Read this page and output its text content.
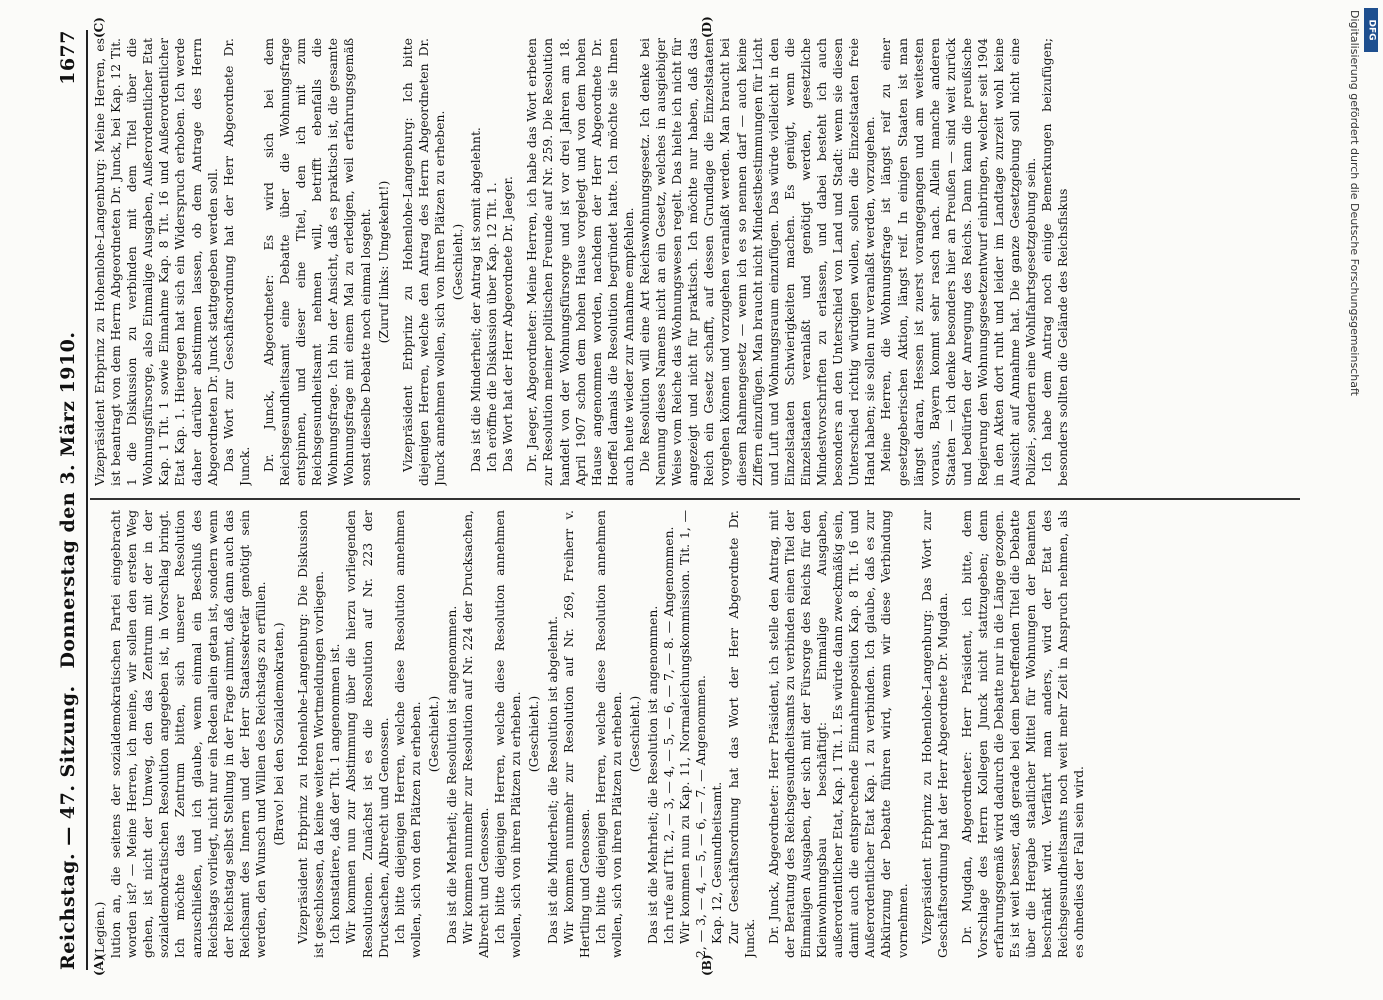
Digitalisierung gefördert durch die Deutsche Forschungsgemeinschaft DFG
Reichstag. — 47. Sitzung.
Donnerstag den 3. März 1910.
1677
(A)	(B)
(C)	(D)

(Legien.) lution an, die seitens der sozialdemokratischen Partei eingebracht worden ist? — Meine Herren, ich meine, wir sollen den ersten Weg gehen, ist nicht der Umweg, den das Zentrum mit der in der sozialdemokratischen Resolution angegeben ist, in Vorschlag bringt. Ich möchte das Zentrum bitten, sich unserer Resolution anzuschließen, und ich glaube, wenn einmal ein Beschluß des Reichstags vorliegt, nicht nur ein Reden allein getan ist, sondern wenn der Reichstag selbst Stellung in der Frage nimmt, daß dann auch das Reichsamt des Innern und der Herr Staatssekretär genötigt sein werden, den Wunsch und Willen des Reichstags zu erfüllen. (Bravo! bei den Sozialdemokraten.) Vizepräsident Erbprinz zu Hohenlohe-Langenburg: Die Diskussion ist geschlossen, da keine weiteren Wortmeldungen vorliegen. Ich konstatiere, daß der Tit. 1 angenommen ist. Wir kommen nun zur Abstimmung über die hierzu vorliegenden Resolutionen. Zunächst ist es die Resolution auf Nr. 223 der Drucksachen, Albrecht und Genossen. Ich bitte diejenigen Herren, welche diese Resolution annehmen wollen, sich von den Plätzen zu erheben. (Geschieht.) Das ist die Mehrheit; die Resolution ist angenommen. Wir kommen nunmehr zur Resolution auf Nr. 224 der Drucksachen, Albrecht und Genossen. Ich bitte diejenigen Herren, welche diese Resolution annehmen wollen, sich von ihren Plätzen zu erheben. (Geschieht.) Das ist die Minderheit; die Resolution ist abgelehnt. Wir kommen nunmehr zur Resolution auf Nr. 269, Freiherr v. Hertling und Genossen. Ich bitte diejenigen Herren, welche diese Resolution annehmen wollen, sich von ihren Plätzen zu erheben. (Geschieht.) Das ist die Mehrheit; die Resolution ist angenommen. Ich rufe auf Tit. 2, — 3, — 4, — 5, — 6, — 7, — 8. — Angenommen. Wir kommen nun zu Kap. 11, Normaleichungskommission. Tit. 1, — 2, — 3, — 4, — 5, — 6, — 7. — Angenommen. Kap. 12, Gesundheitsamt. Zur Geschäftsordnung hat das Wort der Herr Abgeordnete Dr. Junck. Dr. Junck, Abgeordneter: Herr Präsident, ich stelle den Antrag, mit der Beratung des Reichsgesundheitsamts zu verbinden einen Titel der Einmaligen Ausgaben, der sich mit der Fürsorge des Reichs für den Kleinwohnungsbau beschäftigt: Einmalige Ausgaben, außerordentlicher Etat, Kap. 1 Tit. 1. Es würde dann zweckmäßig sein, damit auch die entsprechende Einnahmeposition Kap. 8 Tit. 16 und Außerordentlicher Etat Kap. 1 zu verbinden. Ich glaube, daß es zur Abkürzung der Debatte führen wird, wenn wir diese Verbindung vornehmen. Vizepräsident Erbprinz zu Hohenlohe-Langenburg: Das Wort zur Geschäftsordnung hat der Herr Abgeordnete Dr. Mugdan. Dr. Mugdan, Abgeordneter: Herr Präsident, ich bitte, dem Vorschlage des Herrn Kollegen Junck nicht stattzugeben; denn erfahrungsgemäß wird dadurch die Debatte nur in die Länge gezogen. Es ist weit besser, daß gerade bei dem betreffenden Titel die Debatte über die Hergabe staatlicher Mittel für Wohnungen der Beamten beschränkt wird. Verfährt man anders, wird der Etat des Reichsgesundheitsamts noch weit mehr Zeit in Anspruch nehmen, als es ohnedies der Fall sein wird.

Vizepräsident Erbprinz zu Hohenlohe-Langenburg: Meine Herren, es ist beantragt von dem Herrn Abgeordneten Dr. Junck, bei Kap. 12 Tit. 1 die Diskussion zu verbinden mit dem Titel über die Wohnungsfürsorge, also Einmalige Ausgaben, Außerordentlicher Etat Kap. 1 Tit. 1 sowie Einnahme Kap. 8 Tit. 16 und Außerordentlicher Etat Kap. 1. Hiergegen hat sich ein Widerspruch erhoben. Ich werde daher darüber abstimmen lassen, ob dem Antrage des Herrn Abgeordneten Dr. Junck stattgegeben werden soll. Das Wort zur Geschäftsordnung hat der Herr Abgeordnete Dr. Junck. Dr. Junck, Abgeordneter: Es wird sich bei dem Reichsgesundheitsamt eine Debatte über die Wohnungsfrage entspinnen, und dieser eine Titel, den ich mit zum Reichsgesundheitsamt nehmen will, betrifft ebenfalls die Wohnungsfrage. Ich bin der Ansicht, daß es praktisch ist, die gesamte Wohnungsfrage mit einem Mal zu erledigen, weil erfahrungsgemäß sonst dieselbe Debatte noch einmal losgeht. (Zuruf links: Umgekehrt!) Vizepräsident Erbprinz zu Hohenlohe-Langenburg: Ich bitte diejenigen Herren, welche den Antrag des Herrn Abgeordneten Dr. Junck annehmen wollen, sich von ihren Plätzen zu erheben. (Geschieht.) Das ist die Minderheit; der Antrag ist somit abgelehnt. Ich eröffne die Diskussion über Kap. 12 Tit. 1. Das Wort hat der Herr Abgeordnete Dr. Jaeger. Dr. Jaeger, Abgeordneter: Meine Herren, ich habe das Wort erbeten zur Resolution meiner politischen Freunde auf Nr. 259. Die Resolution handelt von der Wohnungsfürsorge und ist vor drei Jahren am 18. April 1907 schon dem hohen Hause vorgelegt und von dem hohen Hause angenommen worden, nachdem der Herr Abgeordnete Dr. Hoeffel damals die Resolution begründet hatte. Ich möchte sie Ihnen auch heute wieder zur Annahme empfehlen. Die Resolution will eine Art Reichswohnungsgesetz. Ich denke bei Nennung dieses Namens nicht an ein Gesetz, welches in ausgiebiger Weise vom Reiche das Wohnungswesen regelt. Das hielte ich nicht für angezeigt und nicht für praktisch. Ich möchte nur haben, daß das Reich ein Gesetz schafft, auf dessen Grundlage die Einzelstaaten vorgehen können und vorzugehen veranlaßt werden. Man braucht bei diesem Rahmengesetz — wenn ich es so nennen darf — auch keine Ziffern einzufügen. Man braucht nicht Mindestbestimmungen für Licht und Luft und Wohnungsraum einzufügen. Das würde vielleicht in den Einzelstaaten Schwierigkeiten machen. Es genügt, wenn die Einzelstaaten veranlaßt und genötigt werden, gesetzliche Mindestvorschriften zu erlassen, und dabei besteht ich auch besonders an den Unterschied von Land und Stadt: wenn sie diesen Unterschied richtig würdigen wollen, sollen die Einzelstaaten freie Hand haben; sie sollen nur veranlaßt werden, vorzugehen. Meine Herren, die Wohnungsfrage ist längst reif zu einer gesetzgeberischen Aktion, längst reif. In einigen Staaten ist man längst daran, Hessen ist zuerst vorangegangen und am weitesten voraus, Bayern kommt sehr rasch nach. Allein manche anderen Staaten — ich denke besonders hier an Preußen — sind weit zurück und bedürfen der Anregung des Reichs. Dann kann die preußische Regierung den Wohnungsgesetzentwurf einbringen, welcher seit 1904 in den Akten dort ruht und leider im Landtage zurzeit wohl keine Aussicht auf Annahme hat. Die ganze Gesetzgebung soll nicht eine Polizei-, sondern eine Wohlfahrtsgesetzgebung sein. Ich habe dem Antrag noch einige Bemerkungen beizufügen; besonders sollten die Gelände des Reichsfiskus
